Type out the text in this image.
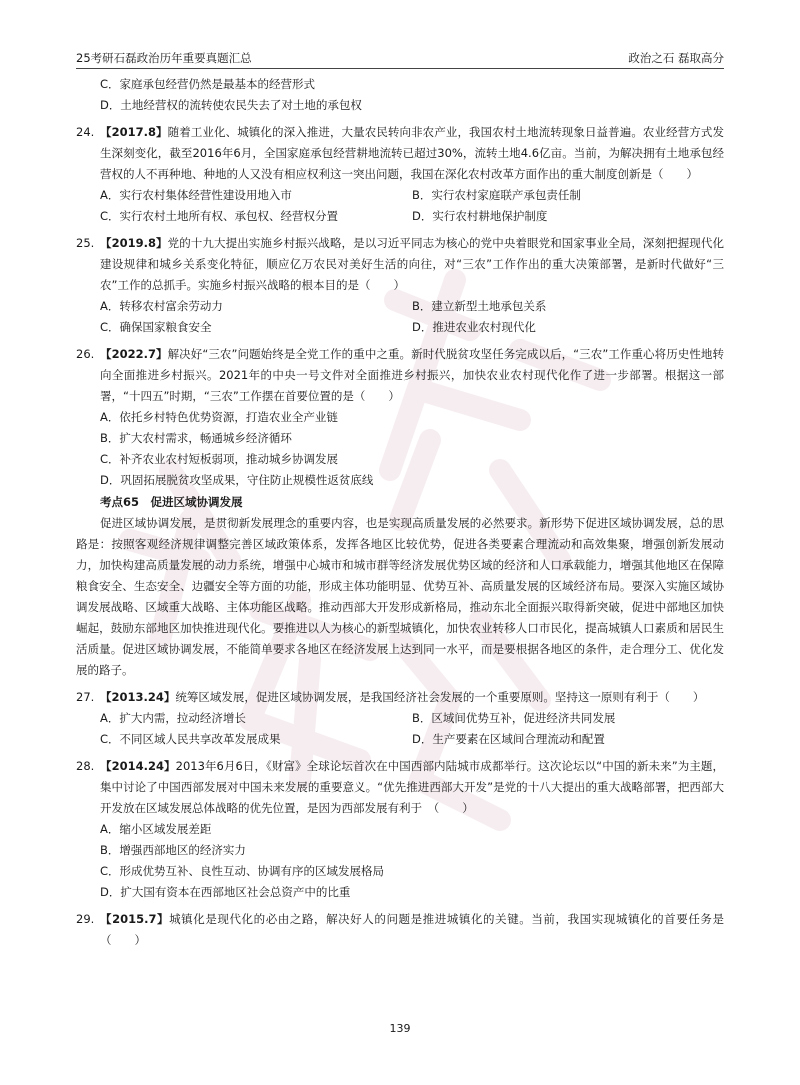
25考研石磊政治历年重要真题汇总	政治之石 磊取高分
C．家庭承包经营仍然是最基本的经营形式
D．土地经营权的流转使农民失去了对土地的承包权
24. 【2017.8】随着工业化、城镇化的深入推进，大量农民转向非农产业，我国农村土地流转现象日益普遍。农业经营方式发生深刻变化，截至2016年6月，全国家庭承包经营耕地流转已超过30%，流转土地4.6亿亩。当前，为解决拥有土地承包经营权的人不再种地、种地的人又没有相应权利这一突出问题，我国在深化农村改革方面作出的重大制度创新是（　　）
A．实行农村集体经营性建设用地入市	B．实行农村家庭联产承包责任制
C．实行农村土地所有权、承包权、经营权分置	D．实行农村耕地保护制度
25. 【2019.8】党的十九大提出实施乡村振兴战略，是以习近平同志为核心的党中央着眼党和国家事业全局，深刻把握现代化建设规律和城乡关系变化特征，顺应亿万农民对美好生活的向往，对“三农”工作作出的重大决策部署，是新时代做好“三农”工作的总抓手。实施乡村振兴战略的根本目的是（　　）
A．转移农村富余劳动力	B．建立新型土地承包关系
C．确保国家粮食安全	D．推进农业农村现代化
26. 【2022.7】解决好“三农”问题始终是全党工作的重中之重。新时代脱贫攻坚任务完成以后，“三农”工作重心将历史性地转向全面推进乡村振兴。2021年的中央一号文件对全面推进乡村振兴，加快农业农村现代化作了进一步部署。根据这一部署，“十四五”时期，“三农”工作摆在首要位置的是（　　）
A．依托乡村特色优势资源，打造农业全产业链
B．扩大农村需求，畅通城乡经济循环
C．补齐农业农村短板弱项，推动城乡协调发展
D．巩固拓展脱贫攻坚成果，守住防止规模性返贫底线
考点65　促进区域协调发展
促进区域协调发展，是贯彻新发展理念的重要内容，也是实现高质量发展的必然要求。新形势下促进区域协调发展，总的思路是：按照客观经济规律调整完善区域政策体系，发挥各地区比较优势，促进各类要素合理流动和高效集聚，增强创新发展动力，加快构建高质量发展的动力系统，增强中心城市和城市群等经济发展优势区域的经济和人口承载能力，增强其他地区在保障粮食安全、生态安全、边疆安全等方面的功能，形成主体功能明显、优势互补、高质量发展的区域经济布局。要深入实施区域协调发展战略、区域重大战略、主体功能区战略。推动西部大开发形成新格局，推动东北全面振兴取得新突破，促进中部地区加快崛起，鼓励东部地区加快推进现代化。要推进以人为核心的新型城镇化，加快农业转移人口市民化，提高城镇人口素质和居民生活质量。促进区域协调发展，不能简单要求各地区在经济发展上达到同一水平，而是要根据各地区的条件，走合理分工、优化发展的路子。
27. 【2013.24】统筹区域发展，促进区域协调发展，是我国经济社会发展的一个重要原则。坚持这一原则有利于（　　）
A．扩大内需，拉动经济增长	B．区域间优势互补，促进经济共同发展
C．不同区域人民共享改革发展成果	D．生产要素在区域间合理流动和配置
28. 【2014.24】2013年6月6日，《财富》全球论坛首次在中国西部内陆城市成都举行。这次论坛以“中国的新未来”为主题，集中讨论了中国西部发展对中国未来发展的重要意义。“优先推进西部大开发”是党的十八大提出的重大战略部署，把西部大开发放在区域发展总体战略的优先位置，是因为西部发展有利于　（　　）
A．缩小区域发展差距
B．增强西部地区的经济实力
C．形成优势互补、良性互动、协调有序的区域发展格局
D．扩大国有资本在西部地区社会总资产中的比重
29. 【2015.7】城镇化是现代化的必由之路，解决好人的问题是推进城镇化的关键。当前，我国实现城镇化的首要任务是（　　）
139
